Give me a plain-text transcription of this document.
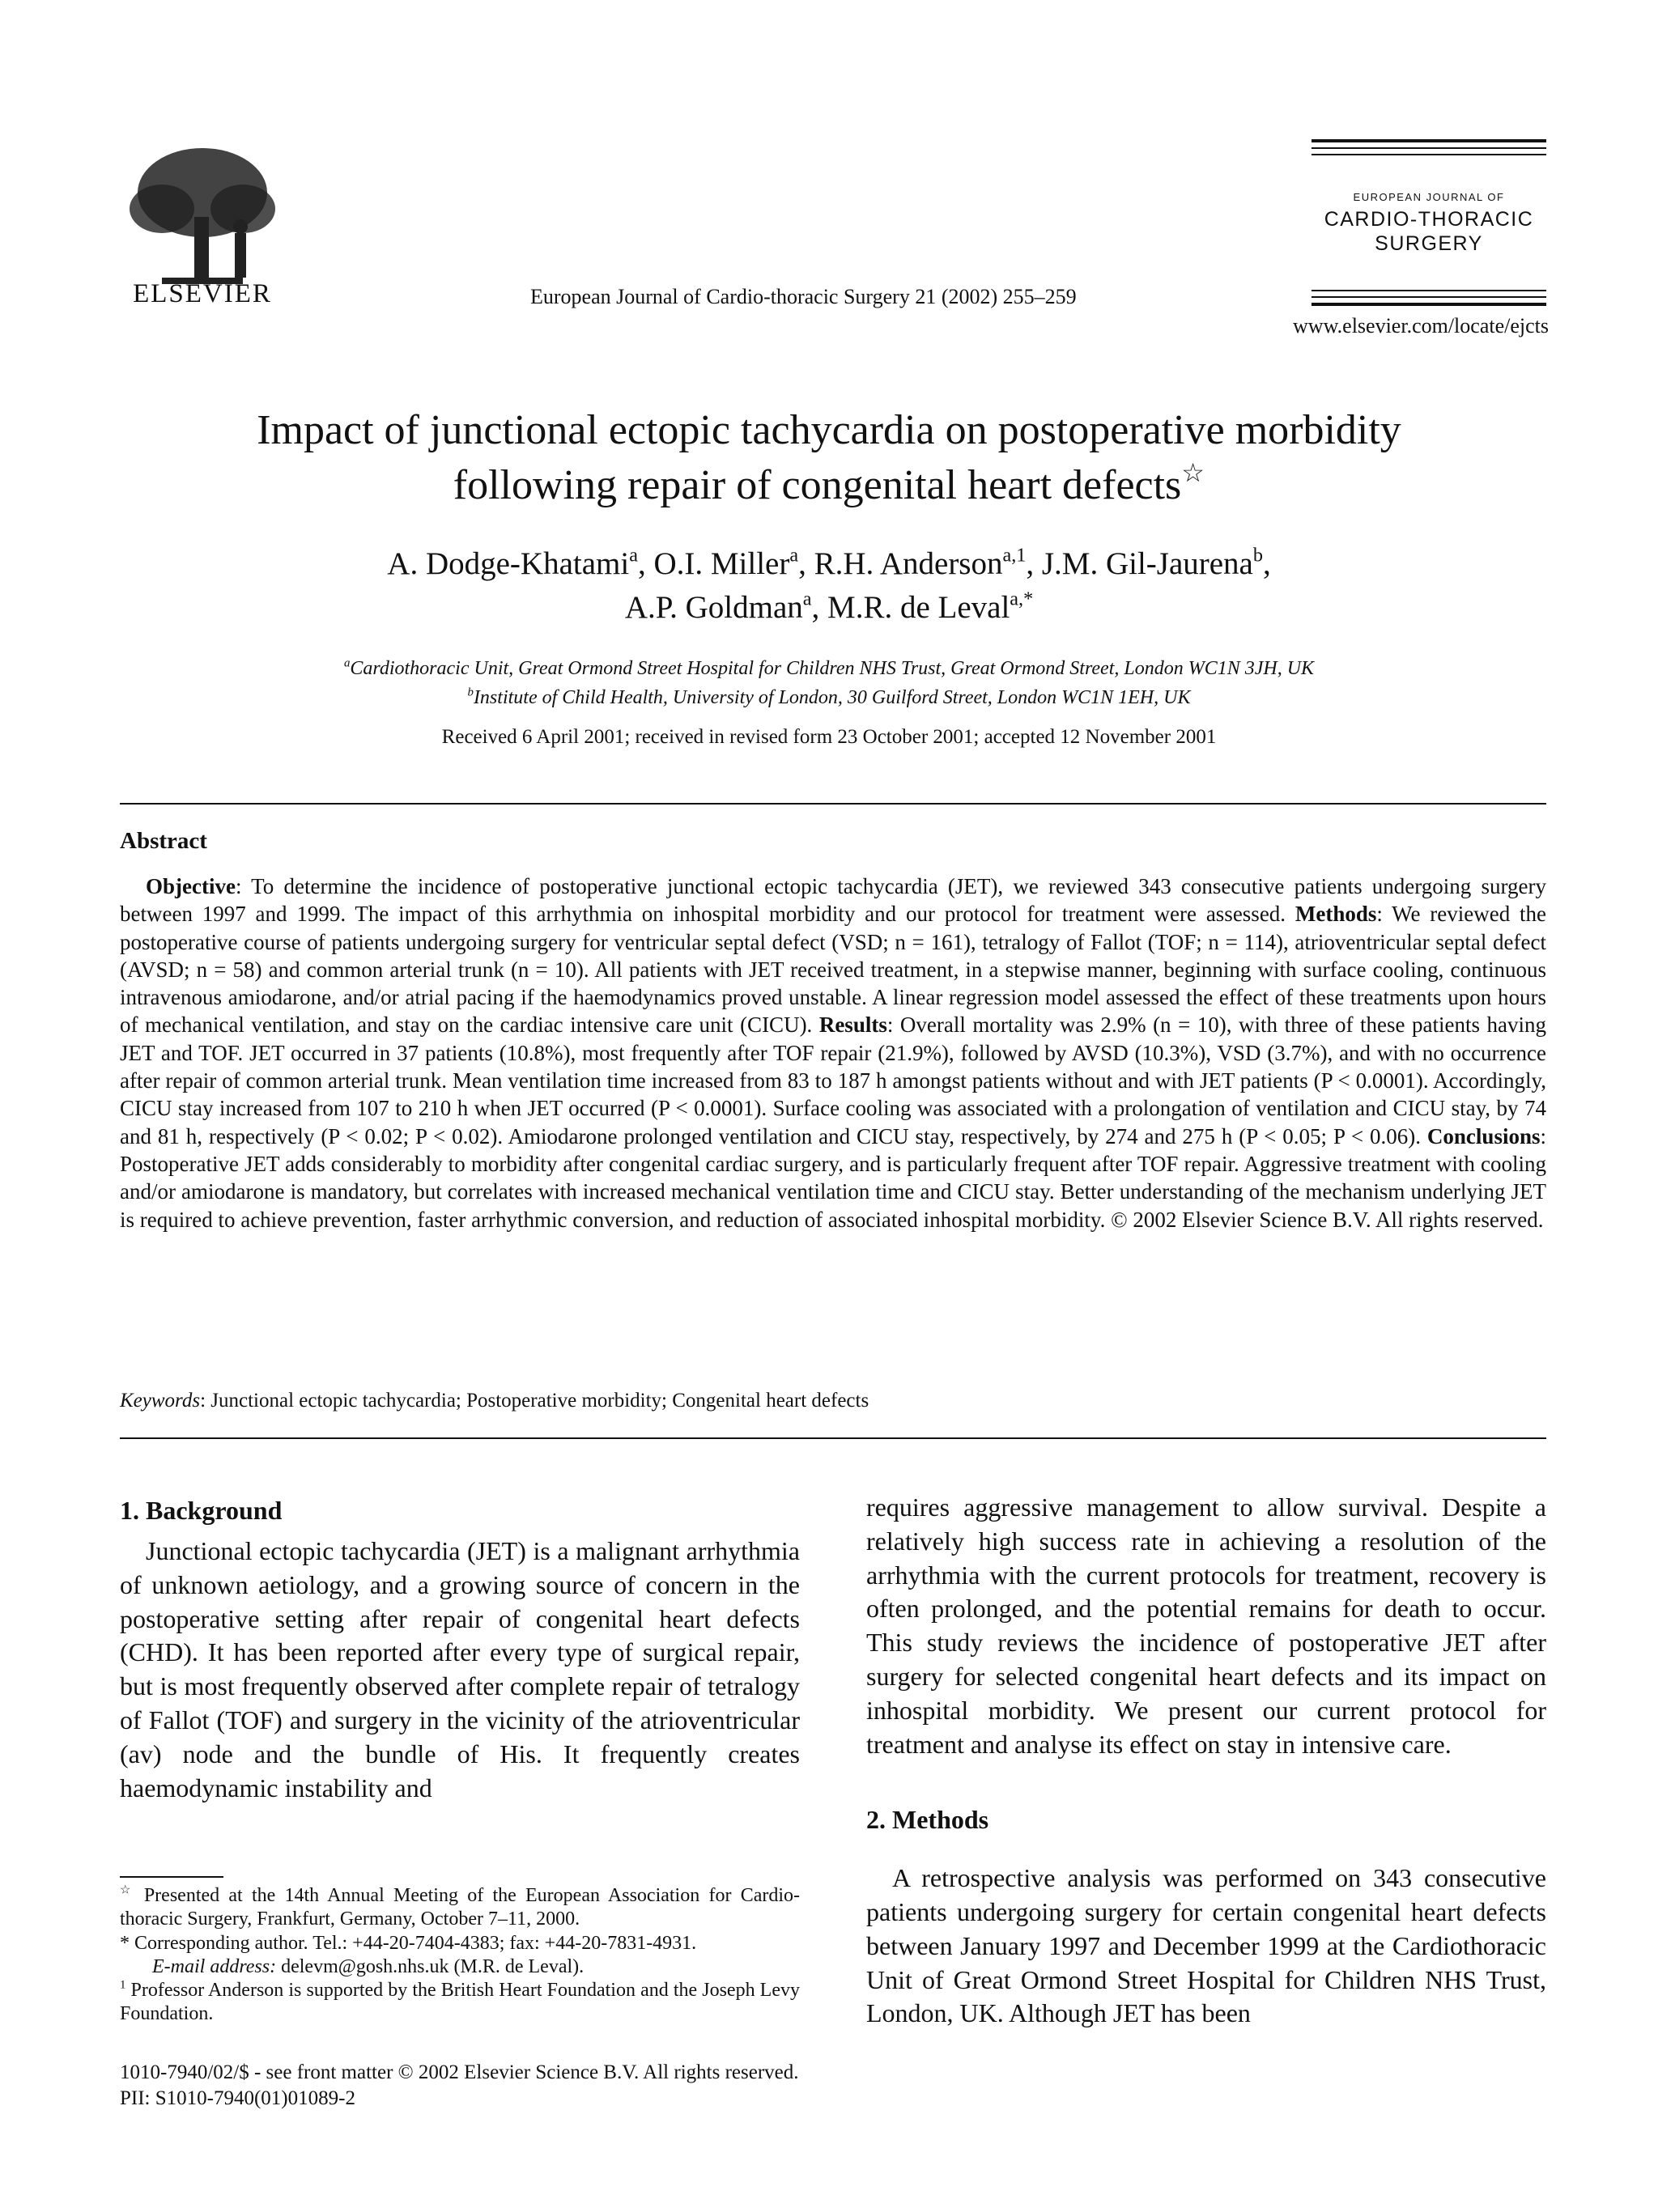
ELSEVIER	European Journal of Cardio-thoracic Surgery 21 (2002) 255–259
EUROPEAN JOURNAL OF
CARDIO-THORACIC
SURGERY
www.elsevier.com/locate/ejcts
Impact of junctional ectopic tachycardia on postoperative morbidity
following repair of congenital heart defects☆
A. Dodge-Khatami$^a$, O.I. Miller$^a$, R.H. Anderson$^{a,1}$, J.M. Gil-Jaurena$^b$,
A.P. Goldman$^a$, M.R. de Leval$^{a,*}$
$^a$Cardiothoracic Unit, Great Ormond Street Hospital for Children NHS Trust, Great Ormond Street, London WC1N 3JH, UK
$^b$Institute of Child Health, University of London, 30 Guilford Street, London WC1N 1EH, UK
Received 6 April 2001; received in revised form 23 October 2001; accepted 12 November 2001
Abstract

Objective: To determine the incidence of postoperative junctional ectopic tachycardia (JET), we reviewed 343 consecutive patients undergoing surgery between 1997 and 1999. The impact of this arrhythmia on inhospital morbidity and our protocol for treatment were assessed. Methods: We reviewed the postoperative course of patients undergoing surgery for ventricular septal defect (VSD; n = 161), tetralogy of Fallot (TOF; n = 114), atrioventricular septal defect (AVSD; n = 58) and common arterial trunk (n = 10). All patients with JET received treatment, in a stepwise manner, beginning with surface cooling, continuous intravenous amiodarone, and/or atrial pacing if the haemodynamics proved unstable. A linear regression model assessed the effect of these treatments upon hours of mechanical ventilation, and stay on the cardiac intensive care unit (CICU). Results: Overall mortality was 2.9% (n = 10), with three of these patients having JET and TOF. JET occurred in 37 patients (10.8%), most frequently after TOF repair (21.9%), followed by AVSD (10.3%), VSD (3.7%), and with no occurrence after repair of common arterial trunk. Mean ventilation time increased from 83 to 187 h amongst patients without and with JET patients (P < 0.0001). Accordingly, CICU stay increased from 107 to 210 h when JET occurred (P < 0.0001). Surface cooling was associated with a prolongation of ventilation and CICU stay, by 74 and 81 h, respectively (P < 0.02; P < 0.02). Amiodarone prolonged ventilation and CICU stay, respectively, by 274 and 275 h (P < 0.05; P < 0.06). Conclusions: Postoperative JET adds considerably to morbidity after congenital cardiac surgery, and is particularly frequent after TOF repair. Aggressive treatment with cooling and/or amiodarone is mandatory, but correlates with increased mechanical ventilation time and CICU stay. Better understanding of the mechanism underlying JET is required to achieve prevention, faster arrhythmic conversion, and reduction of associated inhospital morbidity. © 2002 Elsevier Science B.V. All rights reserved.

Keywords: Junctional ectopic tachycardia; Postoperative morbidity; Congenital heart defects
1. Background

Junctional ectopic tachycardia (JET) is a malignant arrhythmia of unknown aetiology, and a growing source of concern in the postoperative setting after repair of congenital heart defects (CHD). It has been reported after every type of surgical repair, but is most frequently observed after complete repair of tetralogy of Fallot (TOF) and surgery in the vicinity of the atrioventricular (av) node and the bundle of His. It frequently creates haemodynamic instability and

requires aggressive management to allow survival. Despite a relatively high success rate in achieving a resolution of the arrhythmia with the current protocols for treatment, recovery is often prolonged, and the potential remains for death to occur. This study reviews the incidence of postoperative JET after surgery for selected congenital heart defects and its impact on inhospital morbidity. We present our current protocol for treatment and analyse its effect on stay in intensive care.

2. Methods

A retrospective analysis was performed on 343 consecutive patients undergoing surgery for certain congenital heart defects between January 1997 and December 1999 at the Cardiothoracic Unit of Great Ormond Street Hospital for Children NHS Trust, London, UK. Although JET has been

☆ Presented at the 14th Annual Meeting of the European Association for Cardio-thoracic Surgery, Frankfurt, Germany, October 7–11, 2000.

* Corresponding author. Tel.: +44-20-7404-4383; fax: +44-20-7831-4931.

E-mail address: delevm@gosh.nhs.uk (M.R. de Leval).

$^1$ Professor Anderson is supported by the British Heart Foundation and the Joseph Levy Foundation.

1010-7940/02/$ - see front matter © 2002 Elsevier Science B.V. All rights reserved.
PII: S1010-7940(01)01089-2
